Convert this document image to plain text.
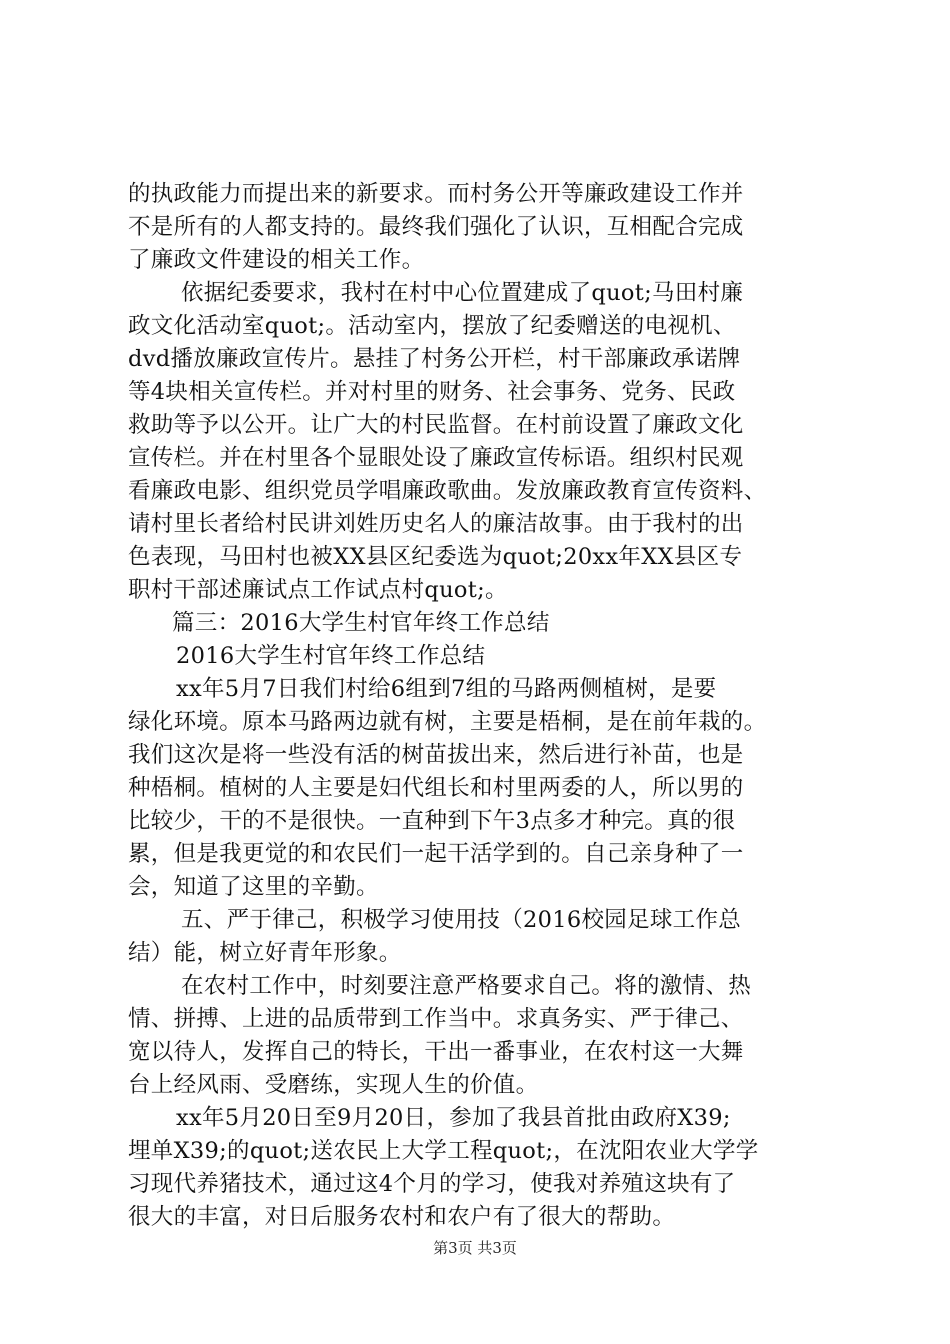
的执政能力而提出来的新要求。而村务公开等廉政建设工作并
不是所有的人都支持的。最终我们强化了认识，互相配合完成
了廉政文件建设的相关工作。
依据纪委要求，我村在村中心位置建成了quot;马田村廉
政文化活动室quot;。活动室内，摆放了纪委赠送的电视机、
dvd播放廉政宣传片。悬挂了村务公开栏，村干部廉政承诺牌
等4块相关宣传栏。并对村里的财务、社会事务、党务、民政
救助等予以公开。让广大的村民监督。在村前设置了廉政文化
宣传栏。并在村里各个显眼处设了廉政宣传标语。组织村民观
看廉政电影、组织党员学唱廉政歌曲。发放廉政教育宣传资料、
请村里长者给村民讲刘姓历史名人的廉洁故事。由于我村的出
色表现，马田村也被XX县区纪委选为quot;20xx年XX县区专
职村干部述廉试点工作试点村quot;。
篇三：2016大学生村官年终工作总结
2016大学生村官年终工作总结
xx年5月7日我们村给6组到7组的马路两侧植树，是要
绿化环境。原本马路两边就有树，主要是梧桐，是在前年栽的。
我们这次是将一些没有活的树苗拔出来，然后进行补苗，也是
种梧桐。植树的人主要是妇代组长和村里两委的人，所以男的
比较少，干的不是很快。一直种到下午3点多才种完。真的很
累，但是我更觉的和农民们一起干活学到的。自己亲身种了一
会，知道了这里的辛勤。
五、严于律己，积极学习使用技（2016校园足球工作总
结）能，树立好青年形象。
在农村工作中，时刻要注意严格要求自己。将的激情、热
情、拼搏、上进的品质带到工作当中。求真务实、严于律己、
宽以待人，发挥自己的特长，干出一番事业，在农村这一大舞
台上经风雨、受磨练，实现人生的价值。
xx年5月20日至9月20日，参加了我县首批由政府X39;
埋单X39;的quot;送农民上大学工程quot;，在沈阳农业大学学
习现代养猪技术，通过这4个月的学习，使我对养殖这块有了
很大的丰富，对日后服务农村和农户有了很大的帮助。
第3页 共3页
